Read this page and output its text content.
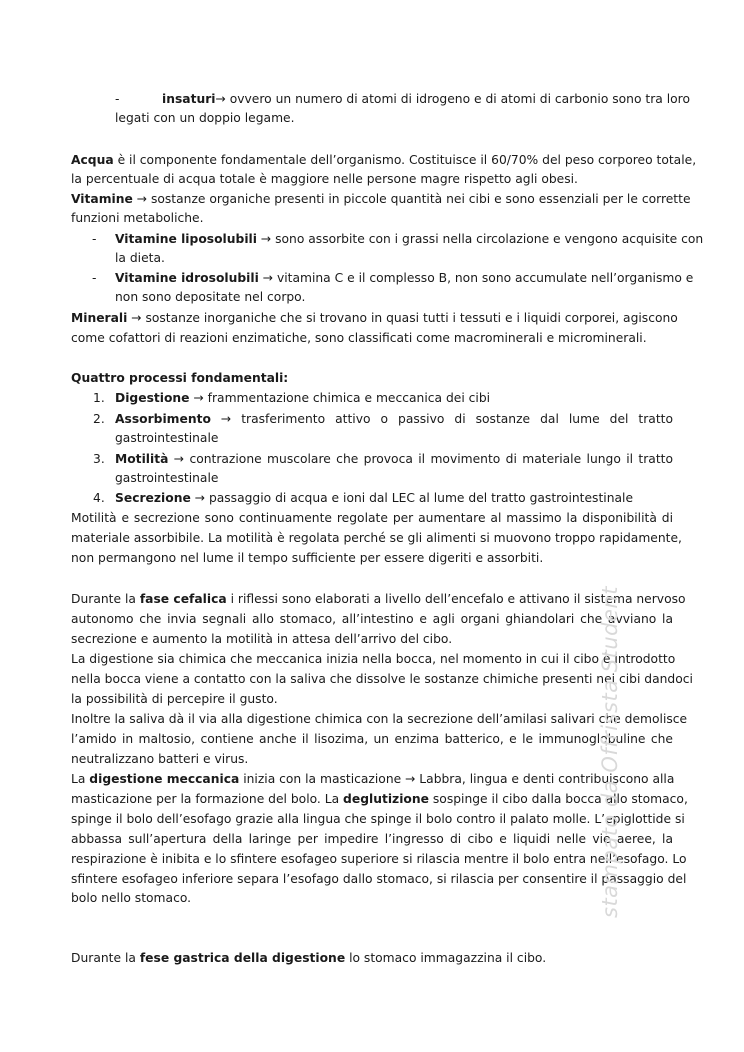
-	insaturi→ ovvero un numero di atomi di idrogeno e di atomi di carbonio sono tra loro
legati con un doppio legame.
Acqua è il componente fondamentale dell’organismo. Costituisce il 60/70% del peso corporeo totale,
la percentuale di acqua totale è maggiore nelle persone magre rispetto agli obesi.
Vitamine → sostanze organiche presenti in piccole quantità nei cibi e sono essenziali per le corrette
funzioni metaboliche.
- Vitamine liposolubili → sono assorbite con i grassi nella circolazione e vengono acquisite con
la dieta.
- Vitamine idrosolubili → vitamina C e il complesso B, non sono accumulate nell’organismo e
non sono depositate nel corpo.
Minerali → sostanze inorganiche che si trovano in quasi tutti i tessuti e i liquidi corporei, agiscono
come cofattori di reazioni enzimatiche, sono classificati come macrominerali e microminerali.
Quattro processi fondamentali:
1. Digestione → frammentazione chimica e meccanica dei cibi
2. Assorbimento → trasferimento attivo o passivo di sostanze dal lume del tratto
gastrointestinale
3. Motilità → contrazione muscolare che provoca il movimento di materiale lungo il tratto
gastrointestinale
4. Secrezione → passaggio di acqua e ioni dal LEC al lume del tratto gastrointestinale
Motilità e secrezione sono continuamente regolate per aumentare al massimo la disponibilità di
materiale assorbibile. La motilità è regolata perché se gli alimenti si muovono troppo rapidamente,
non permangono nel lume il tempo sufficiente per essere digeriti e assorbiti.
Durante la fase cefalica i riflessi sono elaborati a livello dell’encefalo e attivano il sistema nervoso
autonomo che invia segnali allo stomaco, all’intestino e agli organi ghiandolari che avviano la
secrezione e aumento la motilità in attesa dell’arrivo del cibo.
La digestione sia chimica che meccanica inizia nella bocca, nel momento in cui il cibo è introdotto
nella bocca viene a contatto con la saliva che dissolve le sostanze chimiche presenti nei cibi dandoci
la possibilità di percepire il gusto.
Inoltre la saliva dà il via alla digestione chimica con la secrezione dell’amilasi salivari che demolisce
l’amido in maltosio, contiene anche il lisozima, un enzima batterico, e le immunoglobuline che
neutralizzano batteri e virus.
La digestione meccanica inizia con la masticazione → Labbra, lingua e denti contribuiscono alla
masticazione per la formazione del bolo. La deglutizione sospinge il cibo dalla bocca allo stomaco,
spinge il bolo dell’esofago grazie alla lingua che spinge il bolo contro il palato molle. L’epiglottide si
abbassa sull’apertura della laringe per impedire l’ingresso di cibo e liquidi nelle vie aeree, la
respirazione è inibita e lo sfintere esofageo superiore si rilascia mentre il bolo entra nell’esofago. Lo
sfintere esofageo inferiore separa l’esofago dallo stomaco, si rilascia per consentire il passaggio del
bolo nello stomaco.
Durante la fese gastrica della digestione lo stomaco immagazzina il cibo.
stampato da Offrissta Student
